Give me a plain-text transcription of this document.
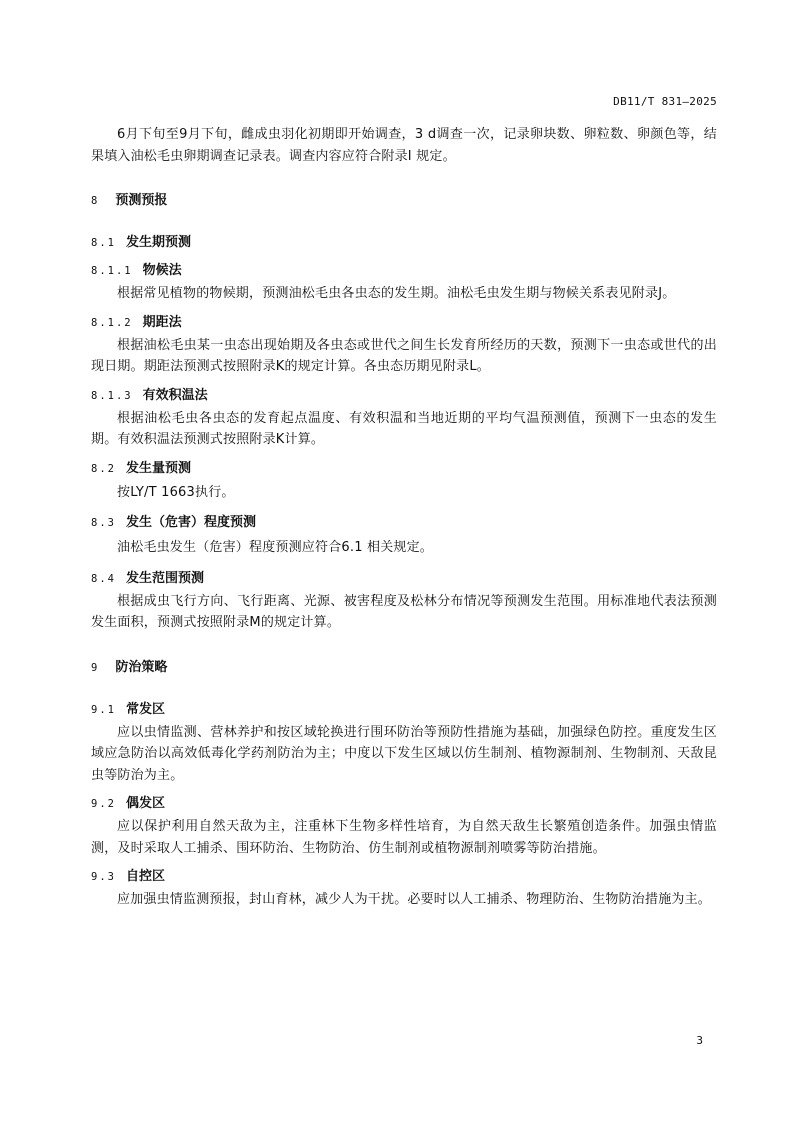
DB11/T 831—2025

6月下旬至9月下旬，雌成虫羽化初期即开始调查，3 d调查一次，记录卵块数、卵粒数、卵颜色等，结果填入油松毛虫卵期调查记录表。调查内容应符合附录I 规定。

8 预测预报
8.1 发生期预测
8.1.1 物候法

根据常见植物的物候期，预测油松毛虫各虫态的发生期。油松毛虫发生期与物候关系表见附录J。

8.1.2 期距法

根据油松毛虫某一虫态出现始期及各虫态或世代之间生长发育所经历的天数，预测下一虫态或世代的出现日期。期距法预测式按照附录K的规定计算。各虫态历期见附录L。

8.1.3 有效积温法

根据油松毛虫各虫态的发育起点温度、有效积温和当地近期的平均气温预测值，预测下一虫态的发生期。有效积温法预测式按照附录K计算。

8.2 发生量预测

按LY/T 1663执行。

8.3 发生（危害）程度预测

油松毛虫发生（危害）程度预测应符合6.1 相关规定。

8.4 发生范围预测

根据成虫飞行方向、飞行距离、光源、被害程度及松林分布情况等预测发生范围。用标准地代表法预测发生面积，预测式按照附录M的规定计算。

9 防治策略
9.1 常发区

应以虫情监测、营林养护和按区域轮换进行围环防治等预防性措施为基础，加强绿色防控。重度发生区域应急防治以高效低毒化学药剂防治为主；中度以下发生区域以仿生制剂、植物源制剂、生物制剂、天敌昆虫等防治为主。

9.2 偶发区

应以保护利用自然天敌为主，注重林下生物多样性培育，为自然天敌生长繁殖创造条件。加强虫情监测，及时采取人工捕杀、围环防治、生物防治、仿生制剂或植物源制剂喷雾等防治措施。

9.3 自控区

应加强虫情监测预报，封山育林，减少人为干扰。必要时以人工捕杀、物理防治、生物防治措施为主。

3
